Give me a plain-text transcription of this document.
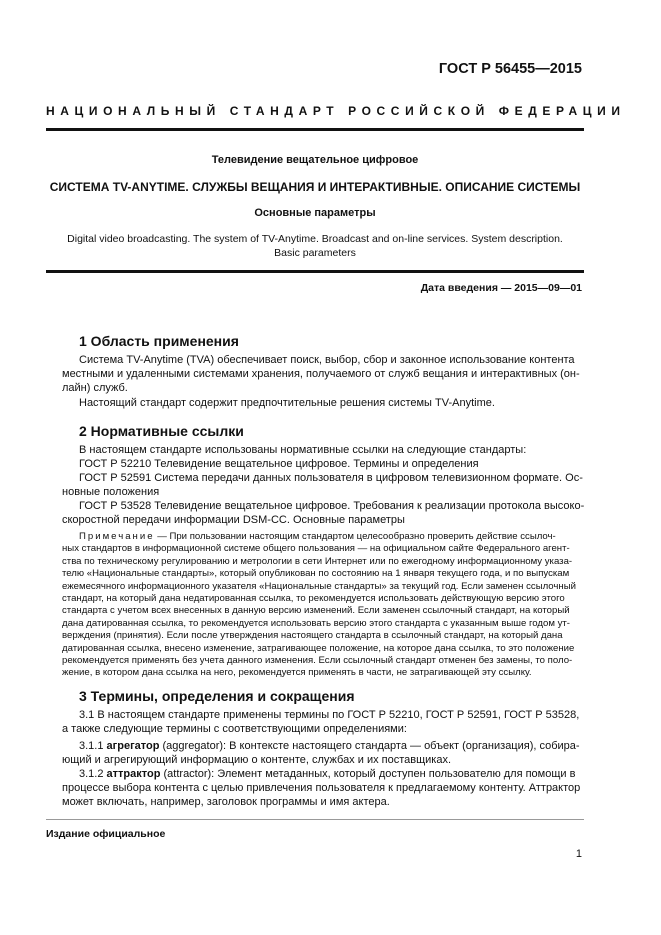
ГОСТ Р 56455—2015
НАЦИОНАЛЬНЫЙ СТАНДАРТ РОССИЙСКОЙ ФЕДЕРАЦИИ
Телевидение вещательное цифровое
СИСТЕМА TV-ANYTIME. СЛУЖБЫ ВЕЩАНИЯ И ИНТЕРАКТИВНЫЕ. ОПИСАНИЕ СИСТЕМЫ
Основные параметры
Digital video broadcasting. The system of TV-Anytime. Broadcast and on-line services. System description.
Basic parameters
Дата введения — 2015—09—01
1 Область применения
Система TV-Anytime (TVA) обеспечивает поиск, выбор, сбор и законное использование контента
местными и удаленными системами хранения, получаемого от служб вещания и интерактивных (он-
лайн) служб.
Настоящий стандарт содержит предпочтительные решения системы TV-Anytime.
2 Нормативные ссылки
В настоящем стандарте использованы нормативные ссылки на следующие стандарты:
ГОСТ Р 52210 Телевидение вещательное цифровое. Термины и определения
ГОСТ Р 52591 Система передачи данных пользователя в цифровом телевизионном формате. Ос-
новные положения
ГОСТ Р 53528 Телевидение вещательное цифровое. Требования к реализации протокола высоко-
скоростной передачи информации DSM-CC. Основные параметры
Примечание — При пользовании настоящим стандартом целесообразно проверить действие ссылоч-
ных стандартов в информационной системе общего пользования — на официальном сайте Федерального агент-
ства по техническому регулированию и метрологии в сети Интернет или по ежегодному информационному указа-
телю «Национальные стандарты», который опубликован по состоянию на 1 января текущего года, и по выпускам
ежемесячного информационного указателя «Национальные стандарты» за текущий год. Если заменен ссылочный
стандарт, на который дана недатированная ссылка, то рекомендуется использовать действующую версию этого
стандарта с учетом всех внесенных в данную версию изменений. Если заменен ссылочный стандарт, на который
дана датированная ссылка, то рекомендуется использовать версию этого стандарта с указанным выше годом ут-
верждения (принятия). Если после утверждения настоящего стандарта в ссылочный стандарт, на который дана
датированная ссылка, внесено изменение, затрагивающее положение, на которое дана ссылка, то это положение
рекомендуется применять без учета данного изменения. Если ссылочный стандарт отменен без замены, то поло-
жение, в котором дана ссылка на него, рекомендуется применять в части, не затрагивающей эту ссылку.
3 Термины, определения и сокращения
3.1 В настоящем стандарте применены термины по ГОСТ Р 52210, ГОСТ Р 52591, ГОСТ Р 53528,
а также следующие термины с соответствующими определениями:
3.1.1 агрегатор (aggregator): В контексте настоящего стандарта — объект (организация), собира-
ющий и агрегирующий информацию о контенте, службах и их поставщиках.
3.1.2 аттрактор (attractor): Элемент метаданных, который доступен пользователю для помощи в
процессе выбора контента с целью привлечения пользователя к предлагаемому контенту. Аттрактор
может включать, например, заголовок программы и имя актера.
Издание официальное
1
